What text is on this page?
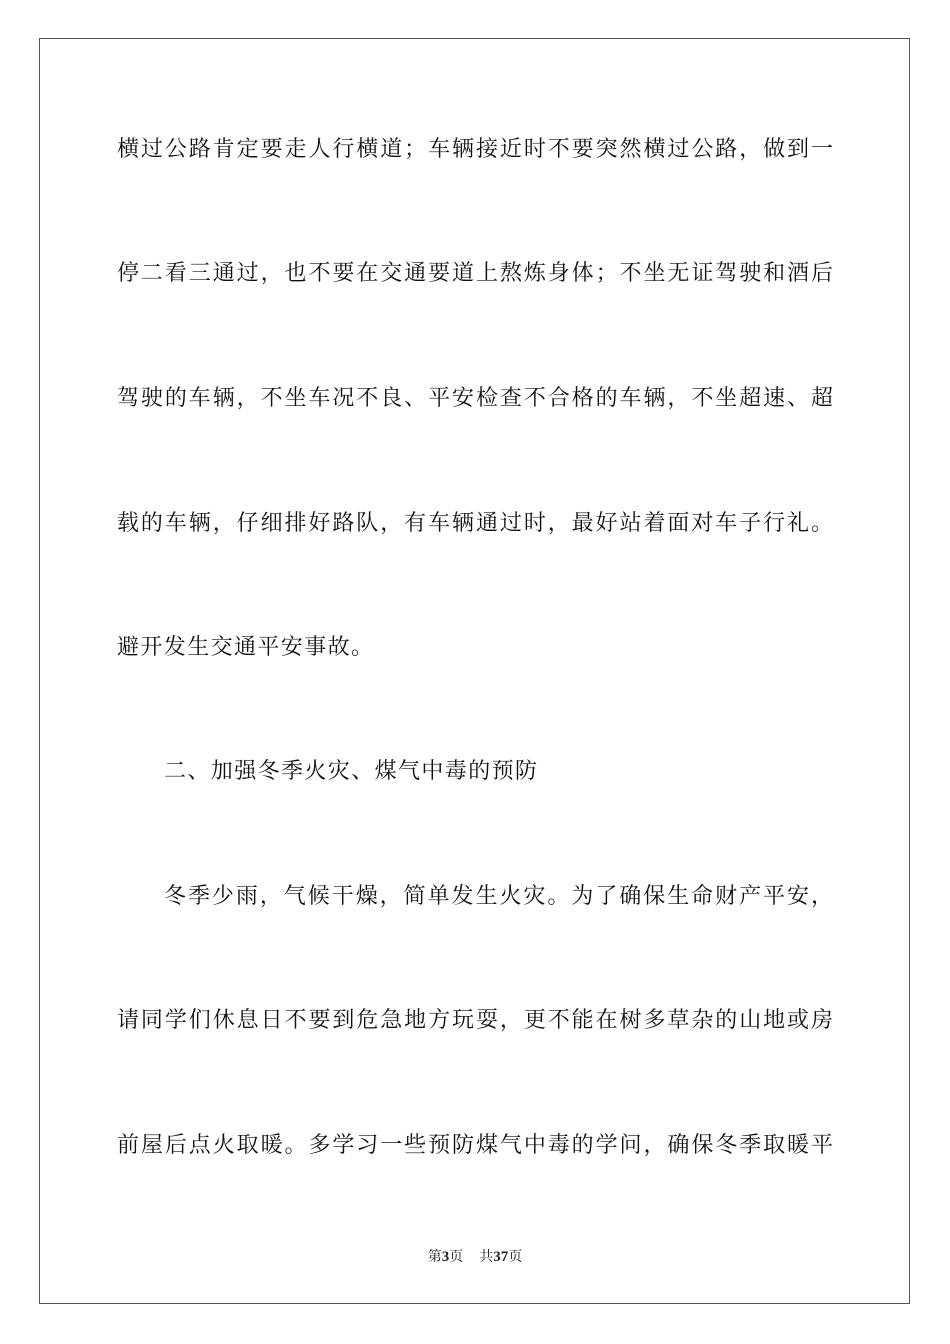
横过公路肯定要走人行横道；车辆接近时不要突然横过公路，做到一
停二看三通过，也不要在交通要道上熬炼身体；不坐无证驾驶和酒后
驾驶的车辆，不坐车况不良、平安检查不合格的车辆，不坐超速、超
载的车辆，仔细排好路队，有车辆通过时，最好站着面对车子行礼。
避开发生交通平安事故。
二、加强冬季火灾、煤气中毒的预防
冬季少雨，气候干燥，简单发生火灾。为了确保生命财产平安，
请同学们休息日不要到危急地方玩耍，更不能在树多草杂的山地或房
前屋后点火取暖。多学习一些预防煤气中毒的学问，确保冬季取暖平
第3页 共37页
